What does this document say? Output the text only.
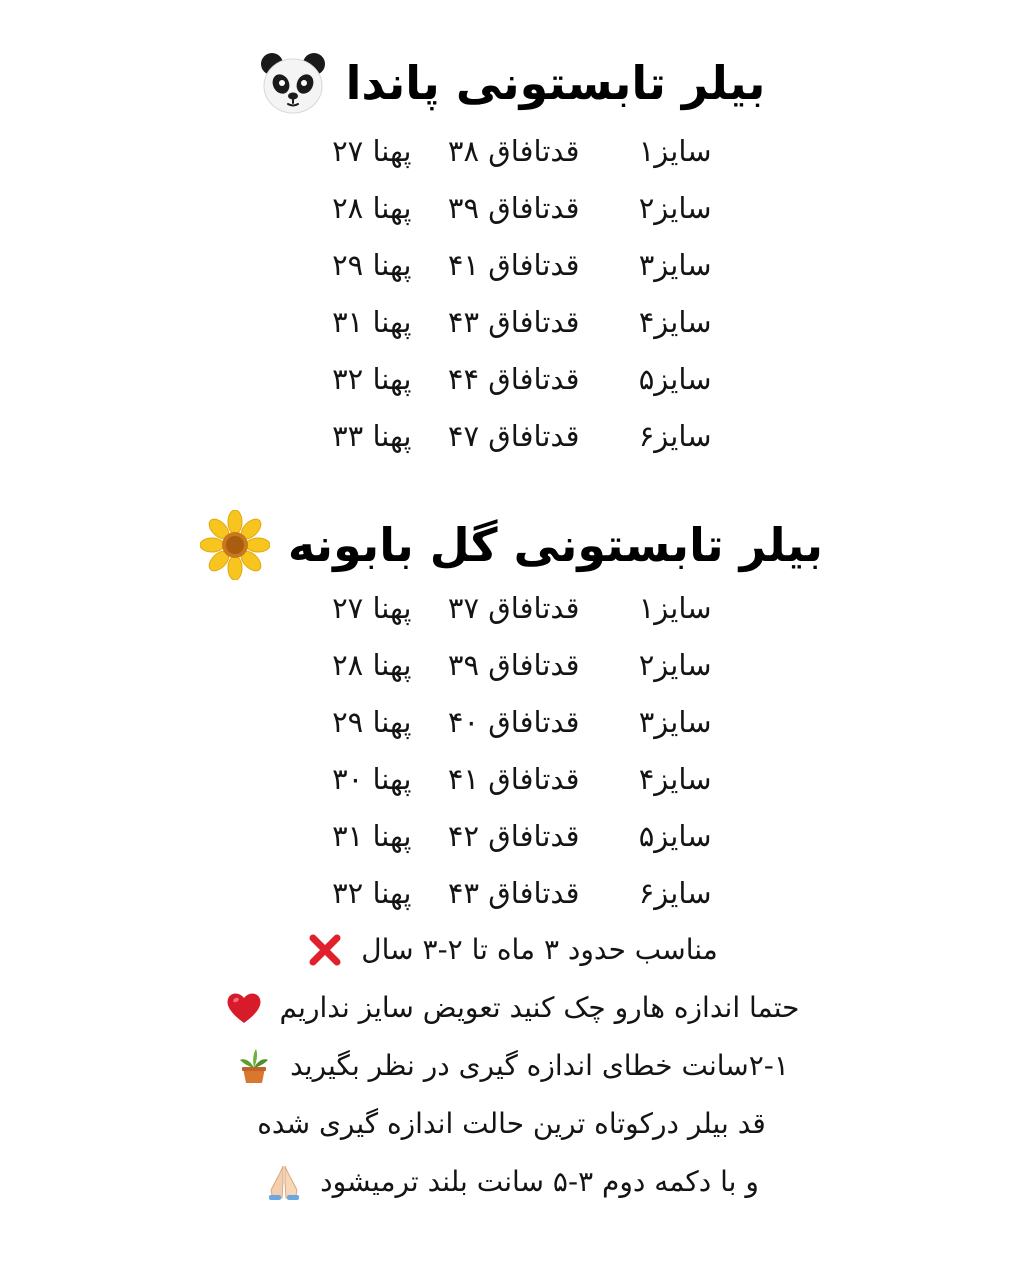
بیلر تابستونی پاندا
سایز۱
قدتافاق ۳۸
پهنا ۲۷
سایز۲
قدتافاق ۳۹
پهنا ۲۸
سایز۳
قدتافاق ۴۱
پهنا ۲۹
سایز۴
قدتافاق ۴۳
پهنا ۳۱
سایز۵
قدتافاق ۴۴
پهنا ۳۲
سایز۶
قدتافاق ۴۷
پهنا ۳۳
بیلر تابستونی گل بابونه
سایز۱
قدتافاق ۳۷
پهنا ۲۷
سایز۲
قدتافاق ۳۹
پهنا ۲۸
سایز۳
قدتافاق ۴۰
پهنا ۲۹
سایز۴
قدتافاق ۴۱
پهنا ۳۰
سایز۵
قدتافاق ۴۲
پهنا ۳۱
سایز۶
قدتافاق ۴۳
پهنا ۳۲
مناسب حدود ۳ ماه تا ۲-۳ سال
حتما اندازه هارو چک کنید تعویض سایز نداریم
۲-۱سانت خطای اندازه گیری در نظر بگیرید
قد بیلر درکوتاه ترین حالت اندازه گیری شده
و با دکمه دوم ۳-۵ سانت بلند ترمیشود
